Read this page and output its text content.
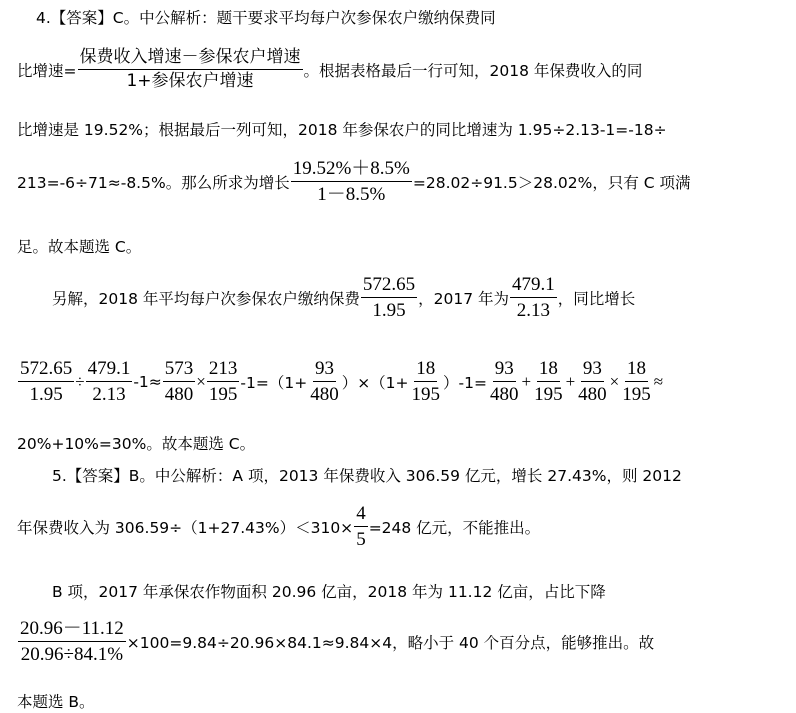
4.【答案】C。中公解析：题干要求平均每户次参保农户缴纳保费同
比增速= $\frac{\text{保费收入增速－参保农户增速}}{\text{1+参保农户增速}}$ 。根据表格最后一行可知，2018 年保费收入的同
比增速是 19.52%；根据最后一列可知，2018 年参保农户的同比增速为 1.95÷2.13-1=-18÷
213=-6÷71≈-8.5%。那么所求为增长 $\frac{19.52\%+8.5\%}{1-8.5\%} =28.02\div 91.5>28.02\%$，只有 C 项满
足。故本题选 C。
另解，2018 年平均每户次参保农户缴纳保费 $\frac{572.65}{1.95}$ ，2017 年为 $\frac{479.1}{2.13}$ ，同比增长
$\frac{572.65}{1.95} \div \frac{479.1}{2.13} -1\approx \frac{573}{480} \times \frac{213}{195} -1=(1+ \frac{93}{480} )\times(1+ \frac{18}{195} )-1= \frac{93}{480} + \frac{18}{195} + \frac{93}{480} \times \frac{18}{195}$ ≈
20%+10%=30%。故本题选 C。
5.【答案】B。中公解析：A 项，2013 年保费收入 306.59 亿元，增长 27.43%，则 2012
年保费收入为 $306.59\div(1+27.43\%)<310\times \frac{4}{5} =248$ 亿元，不能推出。
B 项，2017 年承保农作物面积 20.96 亿亩，2018 年为 11.12 亿亩，占比下降
$\frac{20.96-11.12}{20.96\div 84.1\%} \times 100=9.84\div 20.96\times 84.1\approx 9.84\times 4$，略小于 40 个百分点，能够推出。故
本题选 B。
